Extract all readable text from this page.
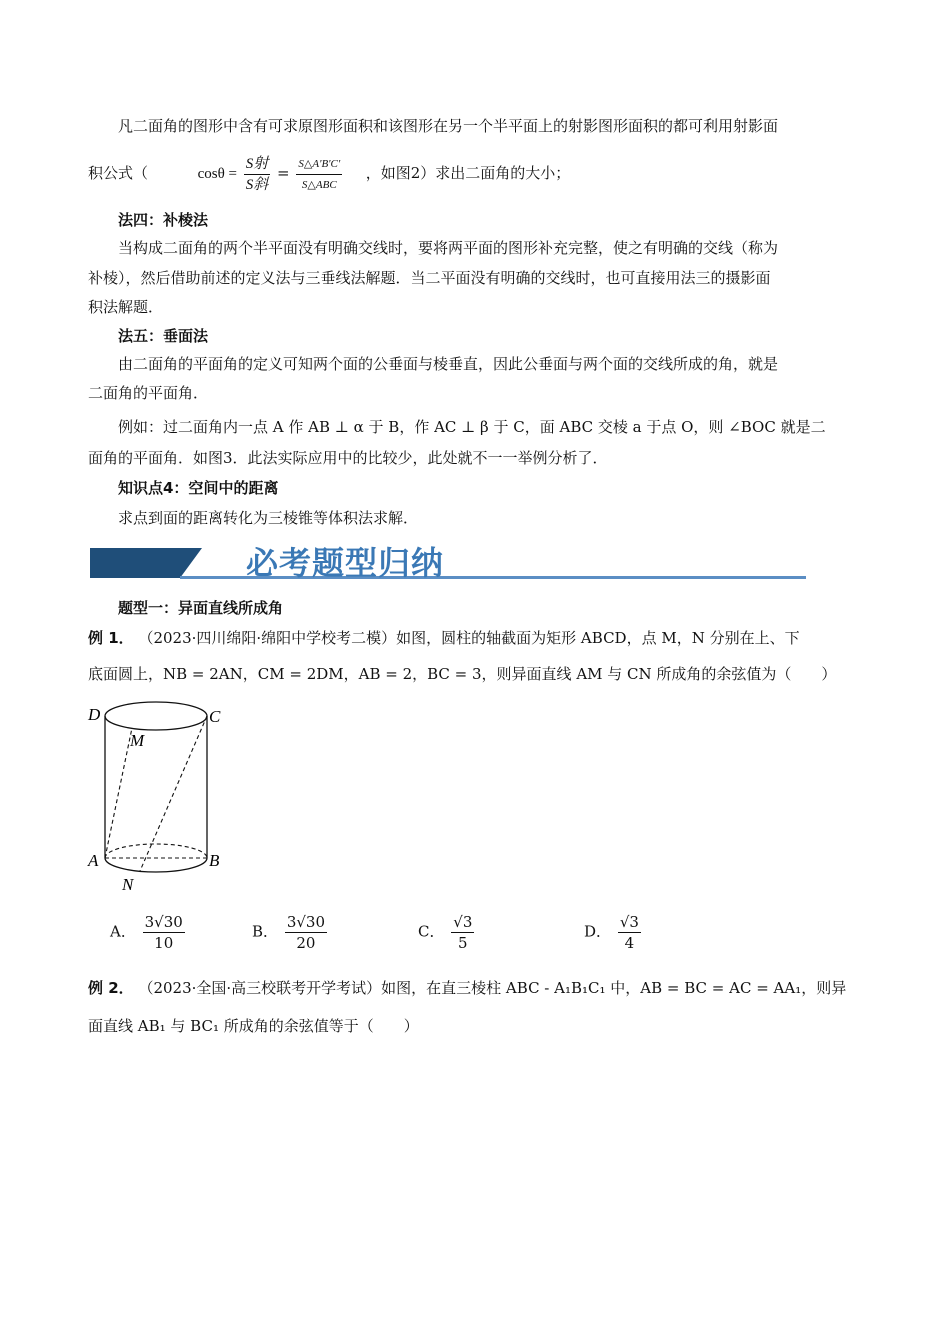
凡二面角的图形中含有可求原图形面积和该图形在另一个半平面上的射影图形面积的都可利用射影面
积公式（	$\cos\theta = \frac{\text{S射}}{\text{S斜}} = \frac{S\triangle A'B'C'}{\text{S△ABC}}$ ，如图2）求出二面角的大小；
法四：补棱法
当构成二面角的两个半平面没有明确交线时，要将两平面的图形补充完整，使之有明确的交线（称为
补棱），然后借助前述的定义法与三垂线法解题．当二平面没有明确的交线时，也可直接用法三的摄影面
积法解题．
法五：垂面法
由二面角的平面角的定义可知两个面的公垂面与棱垂直，因此公垂面与两个面的交线所成的角，就是
二面角的平面角．
例如：过二面角内一点 A 作 AB ⊥ α 于 B，作 AC ⊥ β 于 C，面 ABC 交棱 a 于点 O，则 ∠BOC 就是二
面角的平面角．如图3．此法实际应用中的比较少，此处就不一一举例分析了．
知识点4：空间中的距离
求点到面的距离转化为三棱锥等体积法求解．
必考题型归纳
题型一：异面直线所成角
例 1． （2023·四川绵阳·绵阳中学校考二模）如图，圆柱的轴截面为矩形 ABCD，点 M，N 分别在上、下
底面圆上，NB = 2AN，CM = 2DM，AB = 2，BC = 3，则异面直线 AM 与 CN 所成角的余弦值为（　　）
D	C
M
A	B
N
A． $\frac{3√30}{10}$	B． $\frac{3√30}{20}$	C． $\frac{√3}{5}$	D． $\frac{√3}{4}$
例 2． （2023·全国·高三校联考开学考试）如图，在直三棱柱 ABC - A₁B₁C₁ 中，AB = BC = AC = AA₁，则异
面直线 AB₁ 与 BC₁ 所成角的余弦值等于（　　）
